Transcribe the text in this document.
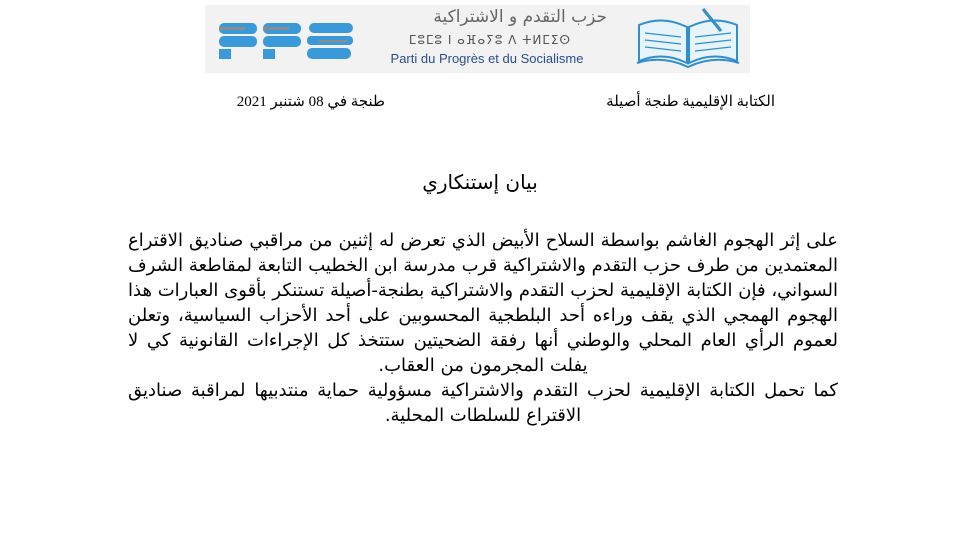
حزب التقدم و الاشتراكية
ⵎⵓⵎⵓ ⵏ ⴰⴼⴰⵢⵓ ⴷ ⵜⵍⵎⵉⵙ
Parti du Progrès et du Socialisme
الكتابة الإقليمية طنجة أصيلة
طنجة في 08 شتنبر 2021
بيان إستنكاري

على إثر الهجوم الغاشم بواسطة السلاح الأبيض الذي تعرض له إثنين من مراقبي صناديق الاقتراع المعتمدين من طرف حزب التقدم والاشتراكية قرب مدرسة ابن الخطيب التابعة لمقاطعة الشرف السواني، فإن الكتابة الإقليمية لحزب التقدم والاشتراكية بطنجة-أصيلة تستنكر بأقوى العبارات هذا الهجوم الهمجي الذي يقف وراءه أحد البلطجية المحسوبين على أحد الأحزاب السياسية، وتعلن لعموم الرأي العام المحلي والوطني أنها رفقة الضحيتين ستتخذ كل الإجراءات القانونية كي لا يفلت المجرمون من العقاب.

كما تحمل الكتابة الإقليمية لحزب التقدم والاشتراكية مسؤولية حماية منتدبيها لمراقبة صناديق الاقتراع للسلطات المحلية.
